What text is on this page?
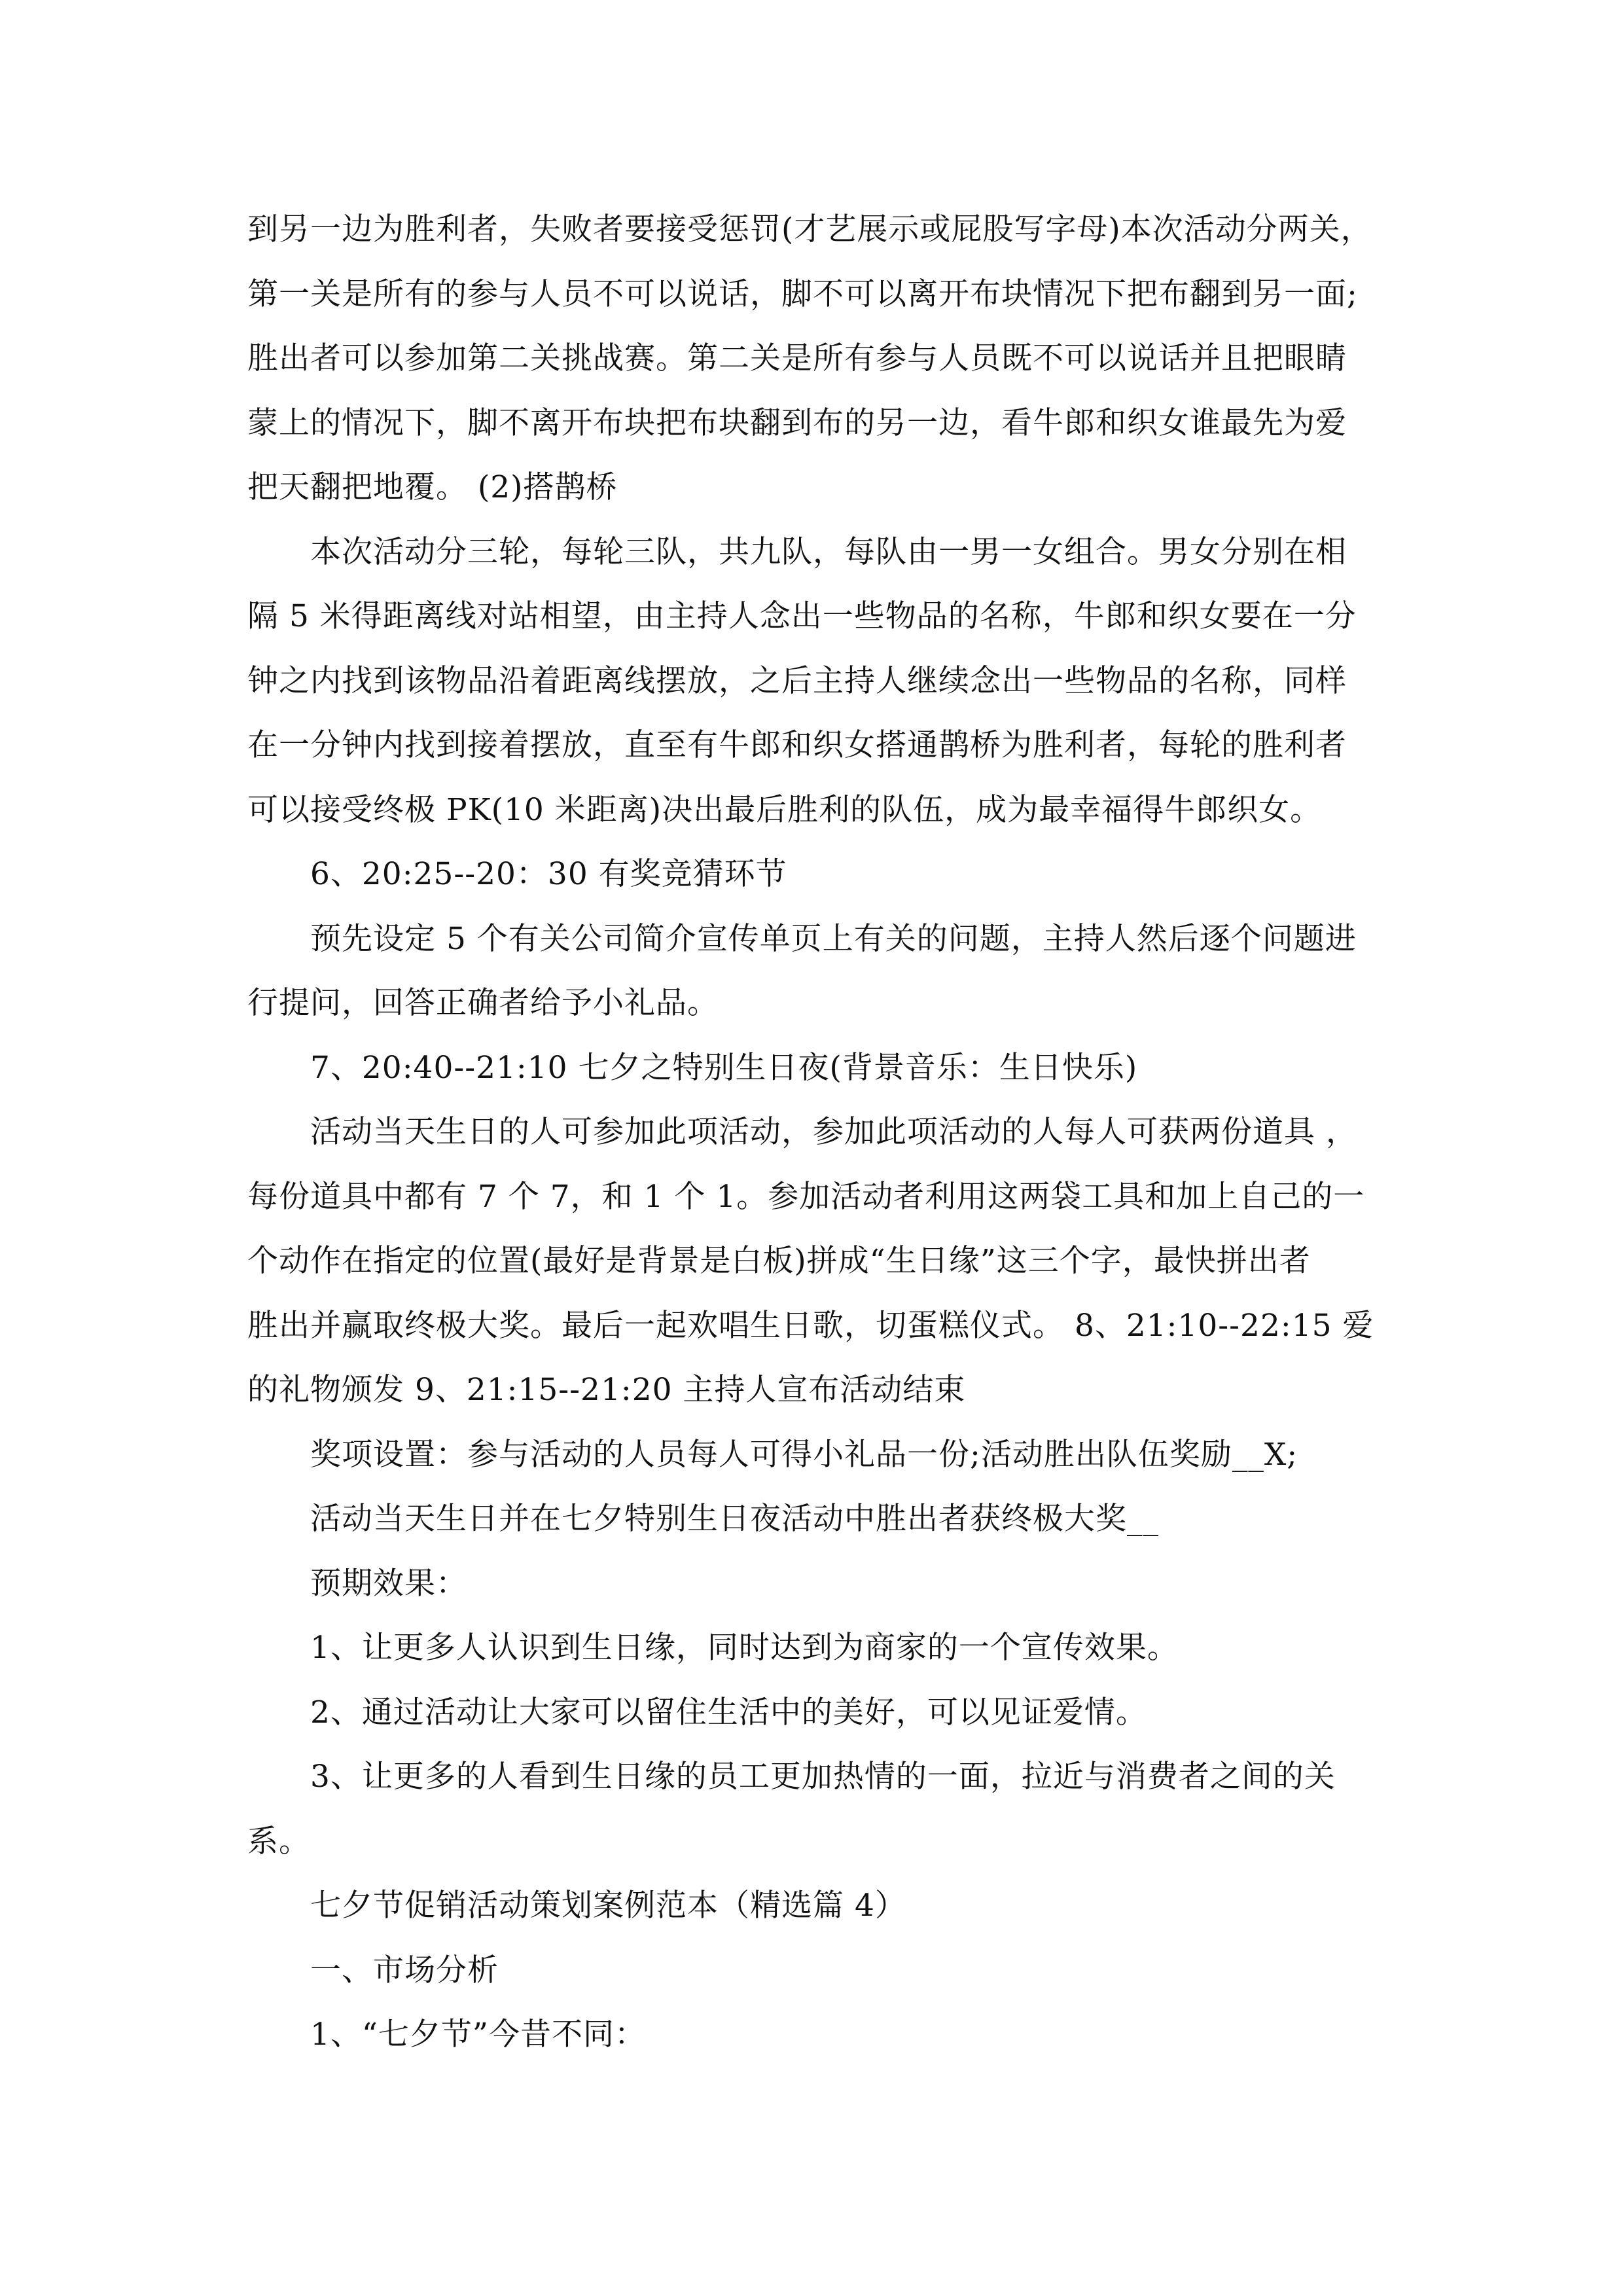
到另一边为胜利者，失败者要接受惩罚(才艺展示或屁股写字母)本次活动分两关，
第一关是所有的参与人员不可以说话，脚不可以离开布块情况下把布翻到另一面;
胜出者可以参加第二关挑战赛。第二关是所有参与人员既不可以说话并且把眼睛
蒙上的情况下，脚不离开布块把布块翻到布的另一边，看牛郎和织女谁最先为爱
把天翻把地覆。 (2)搭鹊桥
本次活动分三轮，每轮三队，共九队，每队由一男一女组合。男女分别在相
隔 5 米得距离线对站相望，由主持人念出一些物品的名称，牛郎和织女要在一分
钟之内找到该物品沿着距离线摆放，之后主持人继续念出一些物品的名称，同样
在一分钟内找到接着摆放，直至有牛郎和织女搭通鹊桥为胜利者，每轮的胜利者
可以接受终极 PK(10 米距离)决出最后胜利的队伍，成为最幸福得牛郎织女。
6、20:25--20：30 有奖竞猜环节
预先设定 5 个有关公司简介宣传单页上有关的问题，主持人然后逐个问题进
行提问，回答正确者给予小礼品。
7、20:40--21:10 七夕之特别生日夜(背景音乐：生日快乐)
活动当天生日的人可参加此项活动，参加此项活动的人每人可获两份道具 ，
每份道具中都有 7 个 7，和 1 个 1。参加活动者利用这两袋工具和加上自己的一
个动作在指定的位置(最好是背景是白板)拼成“生日缘”这三个字，最快拼出者
胜出并赢取终极大奖。最后一起欢唱生日歌，切蛋糕仪式。 8、21:10--22:15 爱
的礼物颁发 9、21:15--21:20 主持人宣布活动结束
奖项设置：参与活动的人员每人可得小礼品一份;活动胜出队伍奖励__X;
活动当天生日并在七夕特别生日夜活动中胜出者获终极大奖__
预期效果：
1、让更多人认识到生日缘，同时达到为商家的一个宣传效果。
2、通过活动让大家可以留住生活中的美好，可以见证爱情。
3、让更多的人看到生日缘的员工更加热情的一面，拉近与消费者之间的关
系。
七夕节促销活动策划案例范本（精选篇 4）
一、市场分析
1、“七夕节”今昔不同：
